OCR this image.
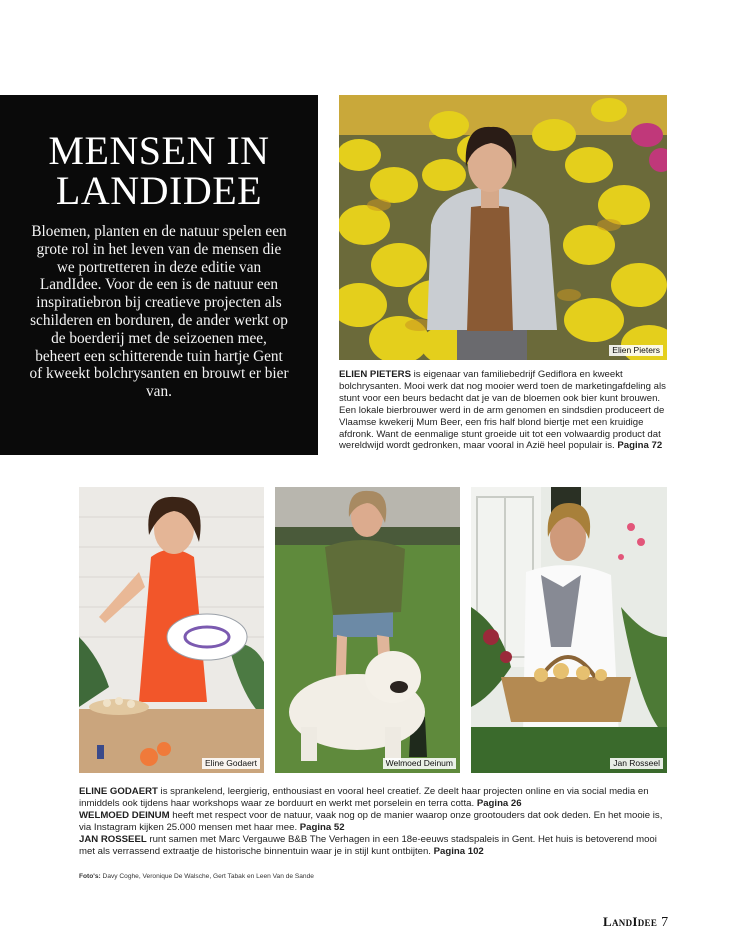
MENSEN IN
LANDIDEE

Bloemen, planten en de natuur spelen een grote rol in het leven van de mensen die we portretteren in deze editie van LandIdee. Voor de een is de natuur een inspiratiebron bij creatieve projecten als schilderen en borduren, de ander werkt op de boerderij met de seizoenen mee, beheert een schitterende tuin hartje Gent of kweekt bolchrysanten en brouwt er bier van.

Elien Pieters

ELIEN PIETERS is eigenaar van familiebedrijf Gediflora en kweekt bolchrysanten. Mooi werk dat nog mooier werd toen de marketingafdeling als stunt voor een beurs bedacht dat je van de bloemen ook bier kunt brouwen. Een lokale bierbrouwer werd in de arm genomen en sindsdien produceert de Vlaamse kwekerij Mum Beer, een fris half blond biertje met een kruidige afdronk. Want de eenmalige stunt groeide uit tot een volwaardig product dat wereldwijd wordt gedronken, maar vooral in Azië heel populair is. Pagina 72

Eline Godaert	Welmoed Deinum	Jan Rosseel
ELINE GODAERT is sprankelend, leergierig, enthousiast en vooral heel creatief. Ze deelt haar projecten online en via social media en inmiddels ook tijdens haar workshops waar ze borduurt en werkt met porselein en terra cotta. Pagina 26
WELMOED DEINUM heeft met respect voor de natuur, vaak nog op de manier waarop onze grootouders dat ook deden. En het mooie is, via Instagram kijken 25.000 mensen met haar mee. Pagina 52
JAN ROSSEEL runt samen met Marc Vergauwe B&B The Verhagen in een 18e-eeuws stadspaleis in Gent. Het huis is betoverend mooi met als verrassend extraatje de historische binnentuin waar je in stijl kunt ontbijten. Pagina 102
Foto's: Davy Coghe, Veronique De Walsche, Gert Tabak en Leen Van de Sande
LandIdee 7
